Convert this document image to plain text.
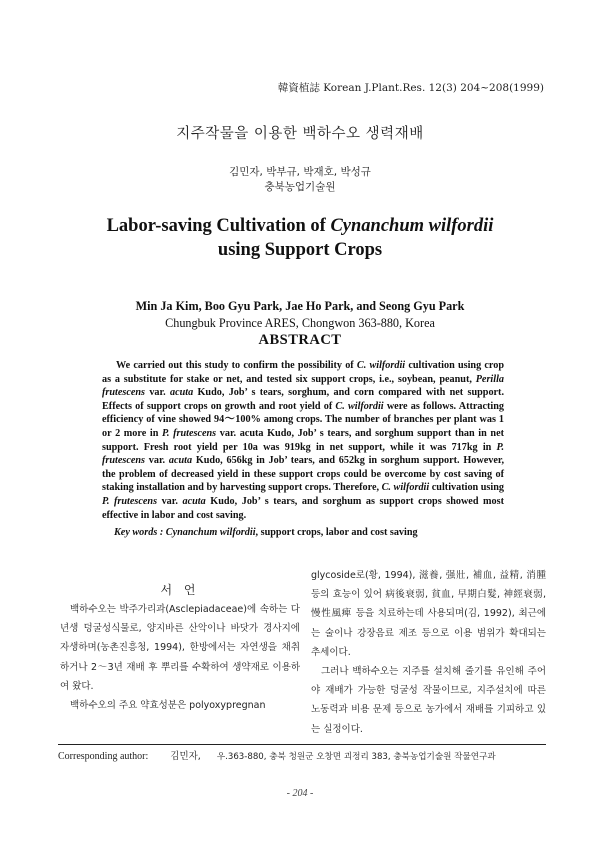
韓資植誌 Korean J.Plant.Res. 12(3) 204~208(1999)
지주작물을 이용한 백하수오 생력재배
김민자, 박부규, 박재호, 박성규
충북농업기술원
Labor-saving Cultivation of Cynanchum wilfordii
using Support Crops
Min Ja Kim, Boo Gyu Park, Jae Ho Park, and Seong Gyu Park
Chungbuk Province ARES, Chongwon 363-880, Korea
ABSTRACT
We carried out this study to confirm the possibility of C. wilfordii cultivation using crop as a substitute for stake or net, and tested six support crops, i.e., soybean, peanut, Perilla frutescens var. acuta Kudo, Job’ s tears, sorghum, and corn compared with net support. Effects of support crops on growth and root yield of C. wilfordii were as follows. Attracting efficiency of vine showed 94～100% among crops. The number of branches per plant was 1 or 2 more in P. frutescens var. acuta Kudo, Job’ s tears, and sorghum support than in net support. Fresh root yield per 10a was 919kg in net support, while it was 717kg in P. frutescens var. acuta Kudo, 656kg in Job’ tears, and 652kg in sorghum support. However, the problem of decreased yield in these support crops could be overcome by cost saving of staking installation and by harvesting support crops. Therefore, C. wilfordii cultivation using P. frutescens var. acuta Kudo, Job’ s tears, and sorghum as support crops showed most effective in labor and cost saving.
Key words : Cynanchum wilfordii, support crops, labor and cost saving
서 언

백하수오는 박주가리과(Asclepiadaceae)에 속하는 다년생 덩굴성식물로, 양지바른 산악이나 바닷가 경사지에 자생하며(농촌진흥청, 1994), 한방에서는 자연생을 채취하거나 2～3년 재배 후 뿌리를 수확하여 생약재로 이용하여 왔다.

백하수오의 주요 약효성분은 polyoxypregnan

glycoside로(황, 1994), 滋養, 强壯, 補血, 益精, 消腫 등의 효능이 있어 病後衰弱, 貧血, 早期白髮, 神經衰弱, 慢性風痺 등을 치료하는데 사용되며(김, 1992), 최근에는 술이나 강장음료 제조 등으로 이용 범위가 확대되는 추세이다.

그러나 백하수오는 지주를 설치해 줄기를 유인해 주어야 재배가 가능한 덩굴성 작물이므로, 지주설치에 따른 노동력과 비용 문제 등으로 농가에서 재배를 기피하고 있는 실정이다.

Corresponding author: 김민자, 우.363-880, 충북 청원군 오창면 괴정리 383, 충북농업기술원 작물연구과
- 204 -
